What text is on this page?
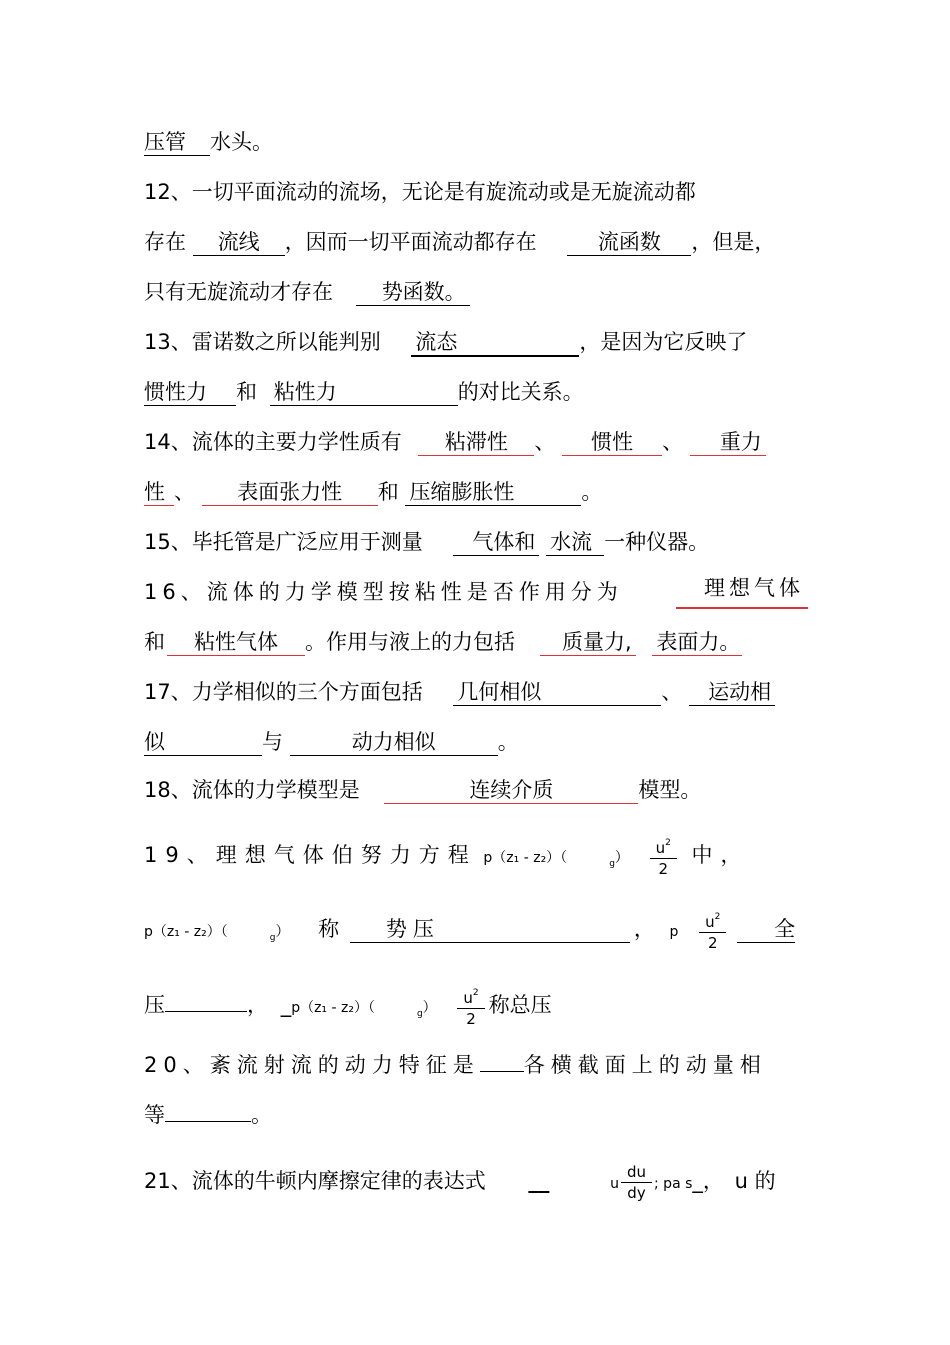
压管 水头。
12、一切平面流动的流场，无论是有旋流动或是无旋流动都
存在 流线 ，因而一切平面流动都存在	流函数 ，但是，
只有无旋流动才存在 势函数。
13、雷诺数之所以能判别 流态	，是因为它反映了
惯性力 和 粘性力	的对比关系。
14、流体的主要力学性质有 粘滞性 、 惯性 、 重力
性 、 表面张力性 和 压缩膨胀性	。
15、毕托管是广泛应用于测量 气体和 水流 一种仪器。
16、流体的力学模型按粘性是否作用分为	理想气体
和 粘性气体 。作用与液上的力包括 质量力, 表面力。
17、力学相似的三个方面包括 几何相似	、 运动相
似	与	动力相似	。
18、流体的力学模型是	连续介质	模型。
19、理想气体伯努力方程 p（z₁ - z₂）（	$g) \frac{u^2}{2}$ 中，
p（z₁ - z₂）（	g） 称 势压	， p $\frac{u^2}{2}$ 全
压	， _p（z₁ - z₂）（	$g) \frac{u^2}{2}$ 称总压
20、紊流射流的动力特征是 各横截面上的动量相
等	。
21、流体的牛顿内摩擦定律的表达式 __	u $\frac{du}{dy}$ ; pa s_， u 的
